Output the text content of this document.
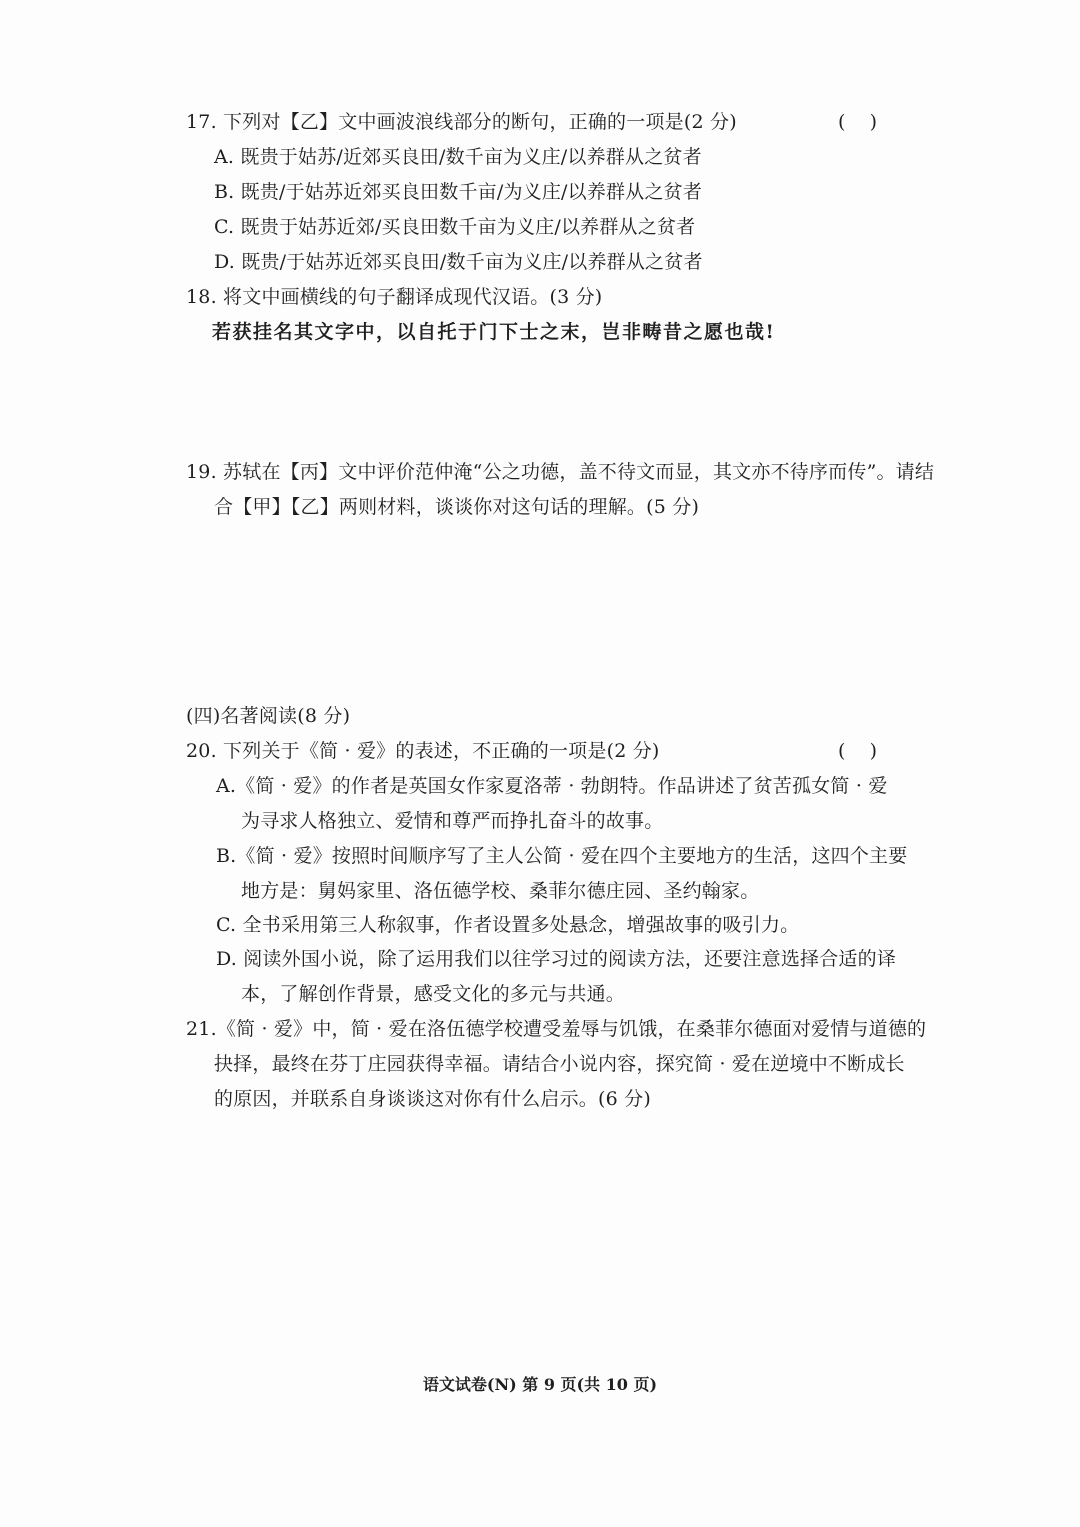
17. 下列对【乙】文中画波浪线部分的断句，正确的一项是(2 分)	(    )
A. 既贵于姑苏/近郊买良田/数千亩为义庄/以养群从之贫者
B. 既贵/于姑苏近郊买良田数千亩/为义庄/以养群从之贫者
C. 既贵于姑苏近郊/买良田数千亩为义庄/以养群从之贫者
D. 既贵/于姑苏近郊买良田/数千亩为义庄/以养群从之贫者
18. 将文中画横线的句子翻译成现代汉语。(3 分)
若获挂名其文字中，以自托于门下士之末，岂非畴昔之愿也哉!
19. 苏轼在【丙】文中评价范仲淹“公之功德，盖不待文而显，其文亦不待序而传”。请结
合【甲】【乙】两则材料，谈谈你对这句话的理解。(5 分)
(四)名著阅读(8 分)
20. 下列关于《简 · 爱》的表述，不正确的一项是(2 分)	(    )
A.《简 · 爱》的作者是英国女作家夏洛蒂 · 勃朗特。作品讲述了贫苦孤女简 · 爱
为寻求人格独立、爱情和尊严而挣扎奋斗的故事。
B.《简 · 爱》按照时间顺序写了主人公简 · 爱在四个主要地方的生活，这四个主要
地方是：舅妈家里、洛伍德学校、桑菲尔德庄园、圣约翰家。
C. 全书采用第三人称叙事，作者设置多处悬念，增强故事的吸引力。
D. 阅读外国小说，除了运用我们以往学习过的阅读方法，还要注意选择合适的译
本，了解创作背景，感受文化的多元与共通。
21.《简 · 爱》中，简 · 爱在洛伍德学校遭受羞辱与饥饿，在桑菲尔德面对爱情与道德的
抉择，最终在芬丁庄园获得幸福。请结合小说内容，探究简 · 爱在逆境中不断成长
的原因，并联系自身谈谈这对你有什么启示。(6 分)
语文试卷(N) 第 9 页(共 10 页)
